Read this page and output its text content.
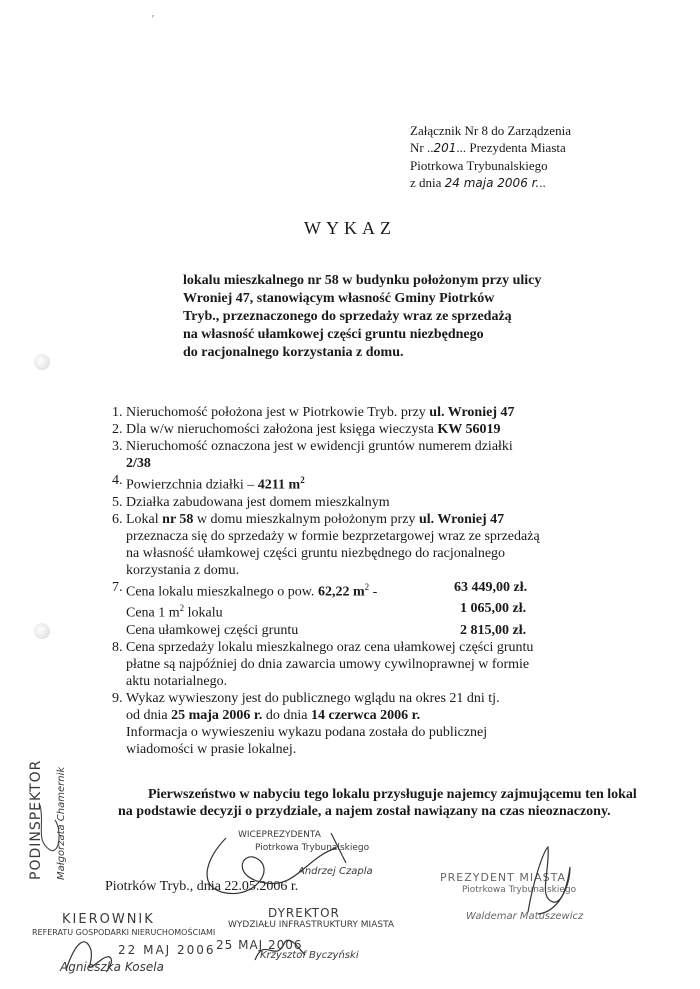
Załącznik Nr 8 do Zarządzenia
Nr ..201... Prezydenta Miasta
Piotrkowa Trybunalskiego
z dnia 24 maja 2006 r...
WYKAZ
lokalu mieszkalnego nr 58 w budynku położonym przy ulicy
Wroniej 47, stanowiącym własność Gminy Piotrków
Tryb., przeznaczonego do sprzedaży wraz ze sprzedażą
na własność ułamkowej części gruntu niezbędnego
do racjonalnego korzystania z domu.
1. Nieruchomość położona jest w Piotrkowie Tryb. przy ul. Wroniej 47
2. Dla w/w nieruchomości założona jest księga wieczysta KW 56019
3. Nieruchomość oznaczona jest w ewidencji gruntów numerem działki
2/38
4. Powierzchnia działki – 4211 $m^2$
5. Działka zabudowana jest domem mieszkalnym
6. Lokal nr 58 w domu mieszkalnym położonym przy ul. Wroniej 47
przeznacza się do sprzedaży w formie bezprzetargowej wraz ze sprzedażą
na własność ułamkowej części gruntu niezbędnego do racjonalnego
korzystania z domu.
7. Cena lokalu mieszkalnego o pow. 62,22 $m^2$ -	63 449,00 zł.
Cena 1 $m^2$ lokalu	1 065,00 zł.
Cena ułamkowej części gruntu	2 815,00 zł.
8. Cena sprzedaży lokalu mieszkalnego oraz cena ułamkowej części gruntu
płatne są najpóźniej do dnia zawarcia umowy cywilnoprawnej w formie
aktu notarialnego.
9. Wykaz wywieszony jest do publicznego wglądu na okres 21 dni tj.
od dnia 25 maja 2006 r. do dnia 14 czerwca 2006 r.
Informacja o wywieszeniu wykazu podana została do publicznej
wiadomości w prasie lokalnej.
Pierwszeństwo w nabyciu tego lokalu przysługuje najemcy zajmującemu ten lokal na podstawie decyzji o przydziale, a najem został nawiązany na czas nieoznaczony.
Piotrków Tryb., dnia 22.05.2006 r.
PODINSPEKTOR Małgorzata Chamernik	WICEPREZYDENTA
Piotrkowa Trybunalskiego
Andrzej Czapla	PREZYDENT MIASTA
Piotrkowa Trybunalskiego
Waldemar Matuszewicz
KIEROWNIK
REFERATU GOSPODARKI NIERUCHOMOŚCIAMI
Agnieszka Kosela
DYREKTOR
WYDZIAŁU INFRASTRUKTURY MIASTA
Krzysztof Byczyński
22 MAJ 2006 25 MAJ 2006
′
